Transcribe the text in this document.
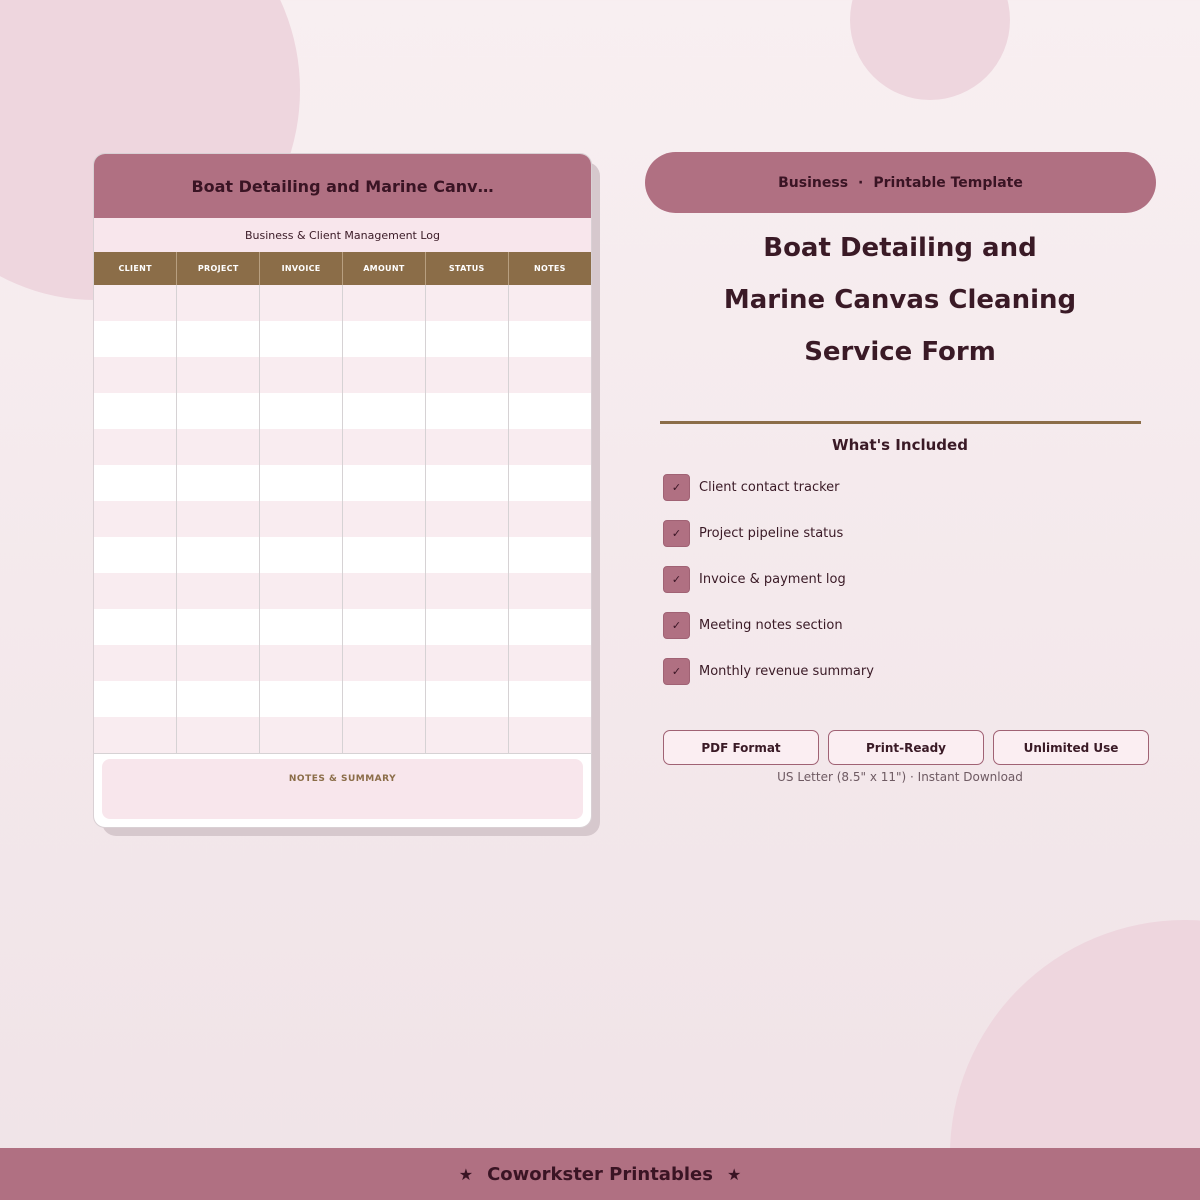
Boat Detailing and Marine Canv…
Business & Client Management Log
CLIENT	PROJECT	INVOICE	AMOUNT	STATUS	NOTES

NOTES & SUMMARY
Business · Printable Template
Boat Detailing and
Marine Canvas Cleaning
Service Form
What's Included
✓	Client contact tracker
✓	Project pipeline status
✓	Invoice & payment log
✓	Meeting notes section
✓	Monthly revenue summary
PDF Format	Print-Ready	Unlimited Use
US Letter (8.5" x 11") · Instant Download
★ Coworkster Printables ★
